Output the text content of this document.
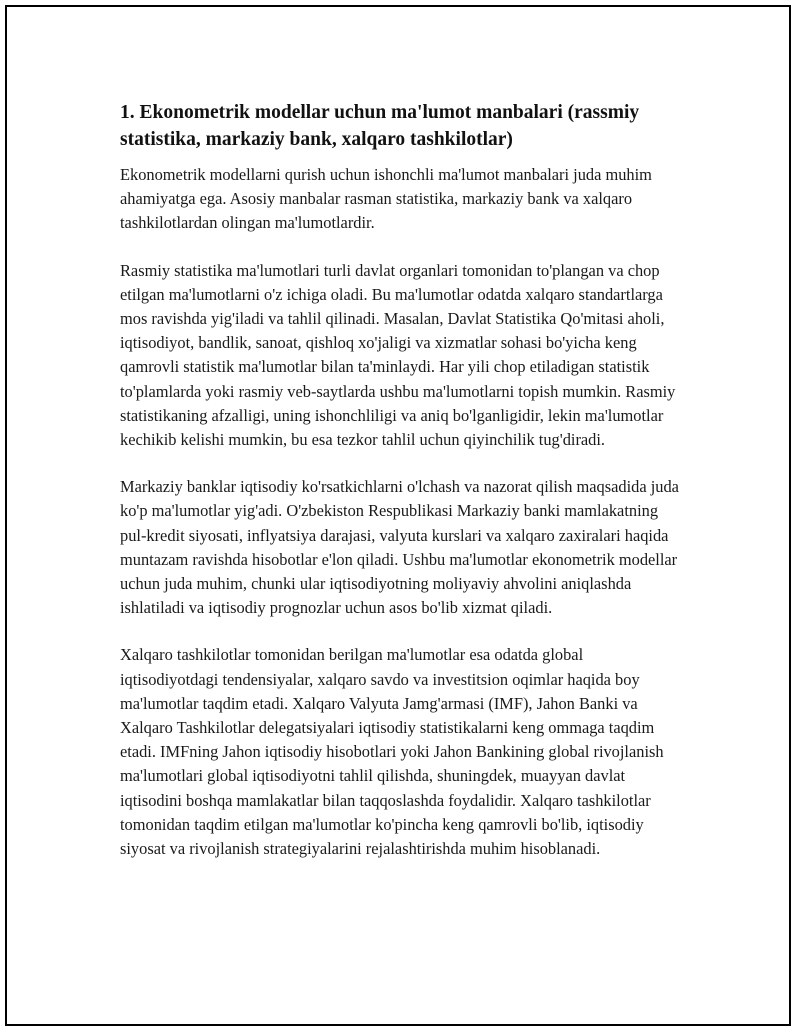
1. Ekonometrik modellar uchun ma'lumot manbalari (rassmiy statistika, markaziy bank, xalqaro tashkilotlar)

Ekonometrik modellarni qurish uchun ishonchli ma'lumot manbalari juda muhim ahamiyatga ega. Asosiy manbalar rasman statistika, markaziy bank va xalqaro tashkilotlardan olingan ma'lumotlardir.

Rasmiy statistika ma'lumotlari turli davlat organlari tomonidan to'plangan va chop etilgan ma'lumotlarni o'z ichiga oladi. Bu ma'lumotlar odatda xalqaro standartlarga mos ravishda yig'iladi va tahlil qilinadi. Masalan, Davlat Statistika Qo'mitasi aholi, iqtisodiyot, bandlik, sanoat, qishloq xo'jaligi va xizmatlar sohasi bo'yicha keng qamrovli statistik ma'lumotlar bilan ta'minlaydi. Har yili chop etiladigan statistik to'plamlarda yoki rasmiy veb-saytlarda ushbu ma'lumotlarni topish mumkin. Rasmiy statistikaning afzalligi, uning ishonchliligi va aniq bo'lganligidir, lekin ma'lumotlar kechikib kelishi mumkin, bu esa tezkor tahlil uchun qiyinchilik tug'diradi.

Markaziy banklar iqtisodiy ko'rsatkichlarni o'lchash va nazorat qilish maqsadida juda ko'p ma'lumotlar yig'adi. O'zbekiston Respublikasi Markaziy banki mamlakatning pul-kredit siyosati, inflyatsiya darajasi, valyuta kurslari va xalqaro zaxiralari haqida muntazam ravishda hisobotlar e'lon qiladi. Ushbu ma'lumotlar ekonometrik modellar uchun juda muhim, chunki ular iqtisodiyotning moliyaviy ahvolini aniqlashda ishlatiladi va iqtisodiy prognozlar uchun asos bo'lib xizmat qiladi.

Xalqaro tashkilotlar tomonidan berilgan ma'lumotlar esa odatda global iqtisodiyotdagi tendensiyalar, xalqaro savdo va investitsion oqimlar haqida boy ma'lumotlar taqdim etadi. Xalqaro Valyuta Jamg'armasi (IMF), Jahon Banki va Xalqaro Tashkilotlar delegatsiyalari iqtisodiy statistikalarni keng ommaga taqdim etadi. IMFning Jahon iqtisodiy hisobotlari yoki Jahon Bankining global rivojlanish ma'lumotlari global iqtisodiyotni tahlil qilishda, shuningdek, muayyan davlat iqtisodini boshqa mamlakatlar bilan taqqoslashda foydalidir. Xalqaro tashkilotlar tomonidan taqdim etilgan ma'lumotlar ko'pincha keng qamrovli bo'lib, iqtisodiy siyosat va rivojlanish strategiyalarini rejalashtirishda muhim hisoblanadi.
